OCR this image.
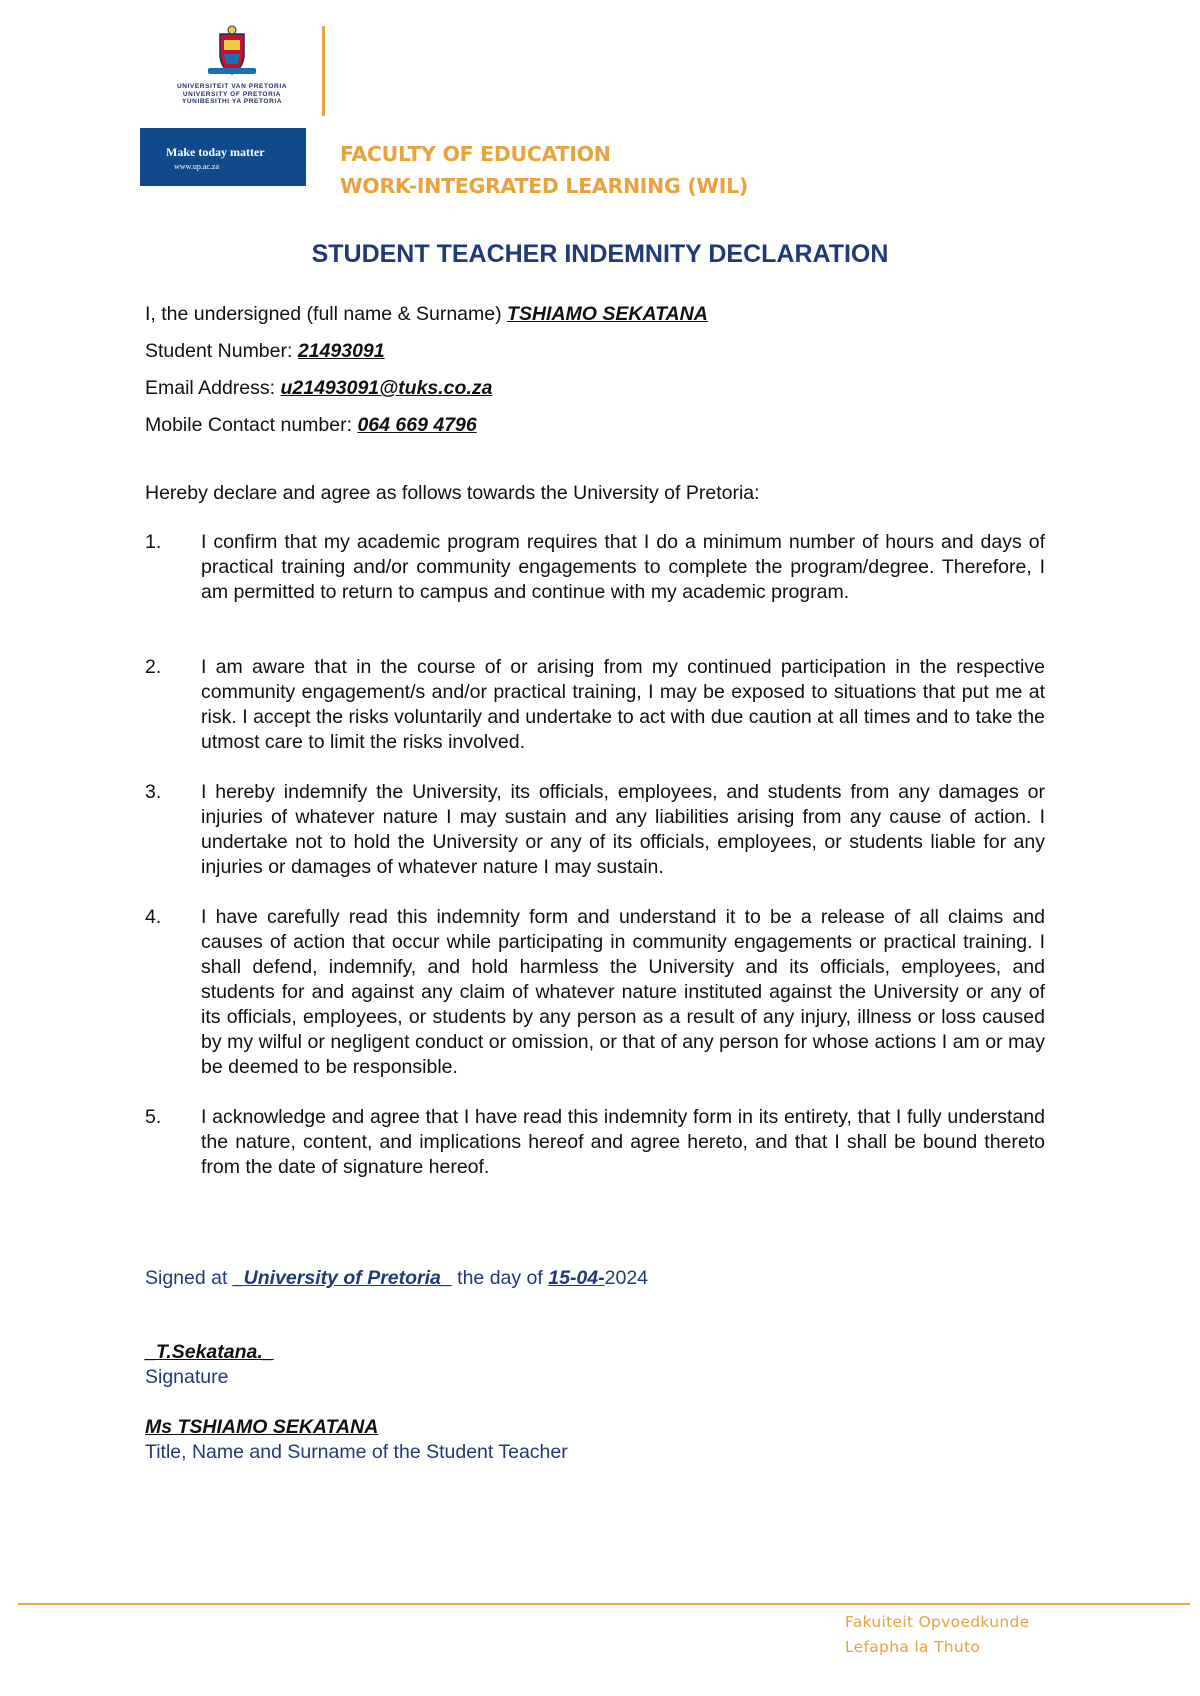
UNIVERSITEIT VAN PRETORIA
UNIVERSITY OF PRETORIA
YUNIBESITHI YA PRETORIA
Make today matter
www.up.ac.za
FACULTY OF EDUCATION
WORK-INTEGRATED LEARNING (WIL)
STUDENT TEACHER INDEMNITY DECLARATION
I, the undersigned (full name & Surname) TSHIAMO SEKATANA
Student Number: 21493091
Email Address: u21493091@tuks.co.za
Mobile Contact number: 064 669 4796
Hereby declare and agree as follows towards the University of Pretoria:
1. I confirm that my academic program requires that I do a minimum number of hours and days of practical training and/or community engagements to complete the program/degree. Therefore, I am permitted to return to campus and continue with my academic program.
2. I am aware that in the course of or arising from my continued participation in the respective community engagement/s and/or practical training, I may be exposed to situations that put me at risk. I accept the risks voluntarily and undertake to act with due caution at all times and to take the utmost care to limit the risks involved.
3. I hereby indemnify the University, its officials, employees, and students from any damages or injuries of whatever nature I may sustain and any liabilities arising from any cause of action. I undertake not to hold the University or any of its officials, employees, or students liable for any injuries or damages of whatever nature I may sustain.
4. I have carefully read this indemnity form and understand it to be a release of all claims and causes of action that occur while participating in community engagements or practical training. I shall defend, indemnify, and hold harmless the University and its officials, employees, and students for and against any claim of whatever nature instituted against the University or any of its officials, employees, or students by any person as a result of any injury, illness or loss caused by my wilful or negligent conduct or omission, or that of any person for whose actions I am or may be deemed to be responsible.
5. I acknowledge and agree that I have read this indemnity form in its entirety, that I fully understand the nature, content, and implications hereof and agree hereto, and that I shall be bound thereto from the date of signature hereof.
Signed at _University of Pretoria_ the day of 15-04-2024
_T.Sekatana._
Signature
Ms TSHIAMO SEKATANA
Title, Name and Surname of the Student Teacher
Fakuiteit Opvoedkunde
Lefapha la Thuto
